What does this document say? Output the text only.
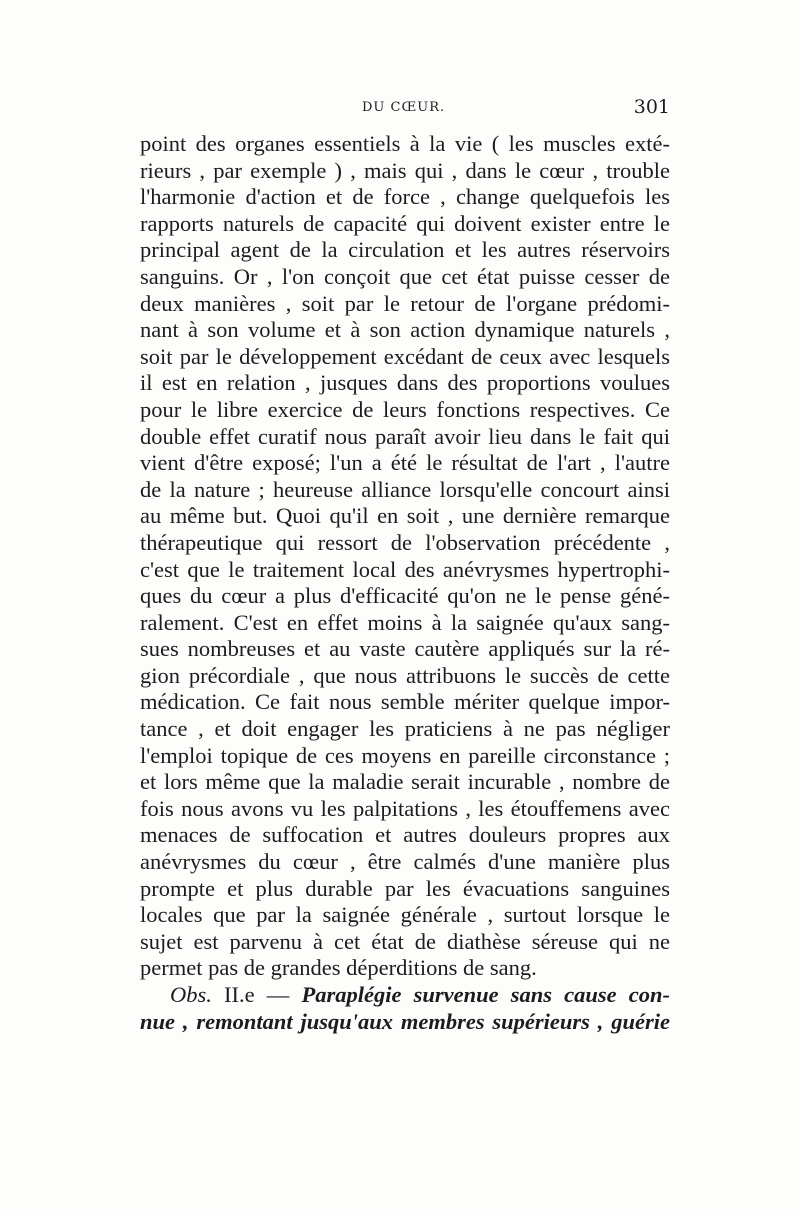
DU CŒUR.	301
point des organes essentiels à la vie ( les muscles exté-
rieurs , par exemple ) , mais qui , dans le cœur , trouble
l'harmonie d'action et de force , change quelquefois les
rapports naturels de capacité qui doivent exister entre le
principal agent de la circulation et les autres réservoirs
sanguins. Or , l'on conçoit que cet état puisse cesser de
deux manières , soit par le retour de l'organe prédomi-
nant à son volume et à son action dynamique naturels ,
soit par le développement excédant de ceux avec lesquels
il est en relation , jusques dans des proportions voulues
pour le libre exercice de leurs fonctions respectives. Ce
double effet curatif nous paraît avoir lieu dans le fait qui
vient d'être exposé; l'un a été le résultat de l'art , l'autre
de la nature ; heureuse alliance lorsqu'elle concourt ainsi
au même but. Quoi qu'il en soit , une dernière remarque
thérapeutique qui ressort de l'observation précédente ,
c'est que le traitement local des anévrysmes hypertrophi-
ques du cœur a plus d'efficacité qu'on ne le pense géné-
ralement. C'est en effet moins à la saignée qu'aux sang-
sues nombreuses et au vaste cautère appliqués sur la ré-
gion précordiale , que nous attribuons le succès de cette
médication. Ce fait nous semble mériter quelque impor-
tance , et doit engager les praticiens à ne pas négliger
l'emploi topique de ces moyens en pareille circonstance ;
et lors même que la maladie serait incurable , nombre de
fois nous avons vu les palpitations , les étouffemens avec
menaces de suffocation et autres douleurs propres aux
anévrysmes du cœur , être calmés d'une manière plus
prompte et plus durable par les évacuations sanguines
locales que par la saignée générale , surtout lorsque le
sujet est parvenu à cet état de diathèse séreuse qui ne
permet pas de grandes déperditions de sang.
Obs. II.e — Paraplégie survenue sans cause con-
nue , remontant jusqu'aux membres supérieurs , guérie
